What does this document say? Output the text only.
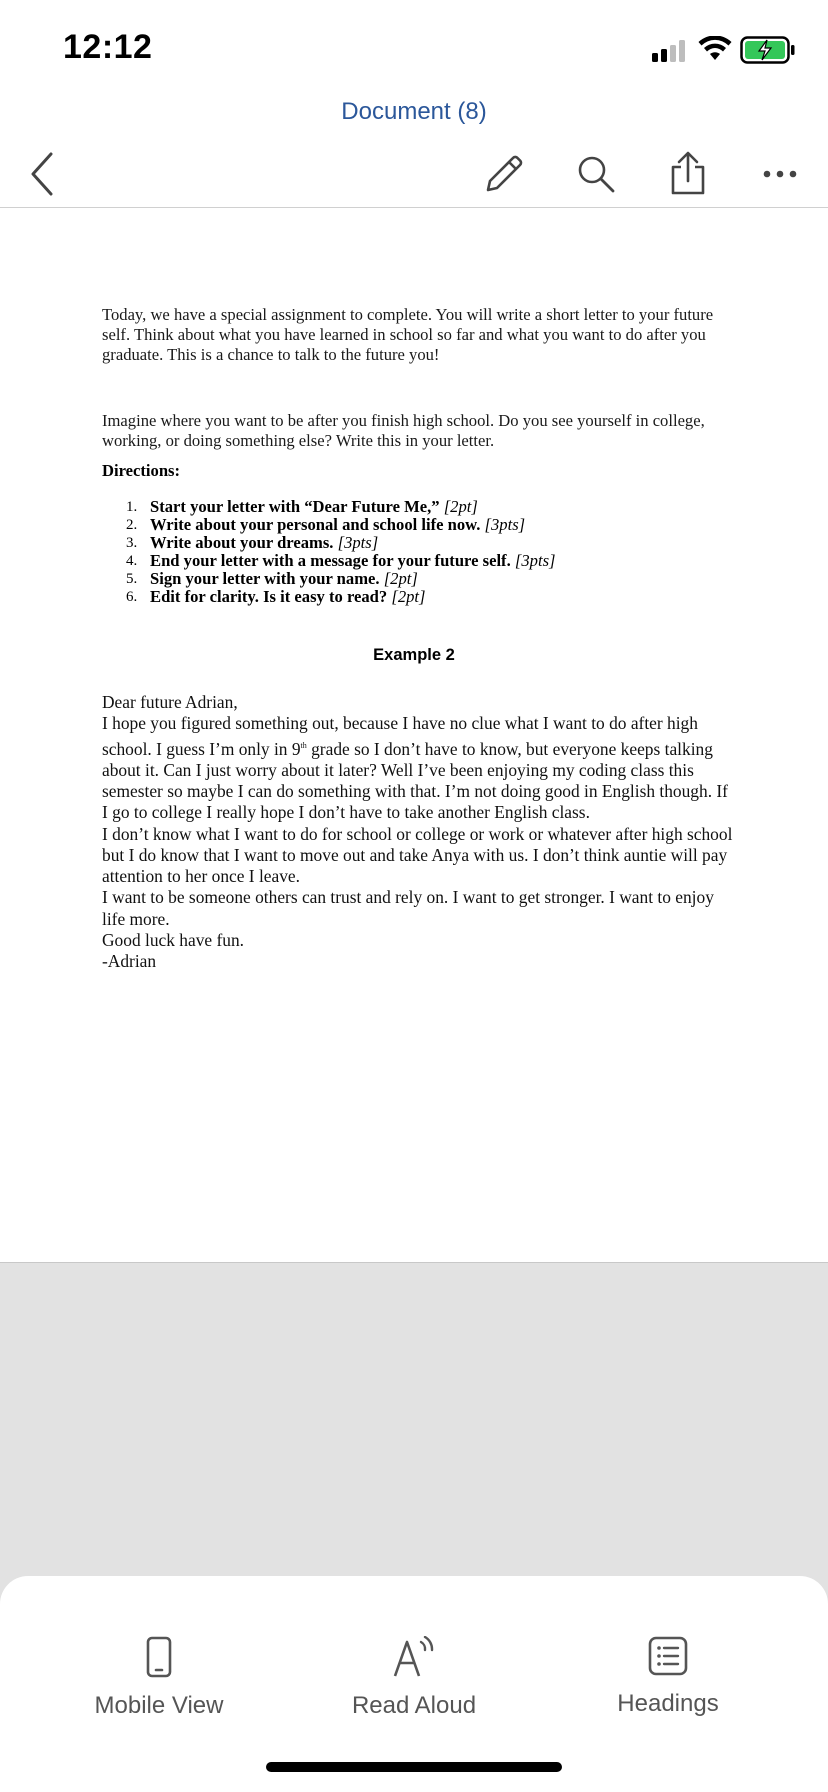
12:12
Document (8)

Today, we have a special assignment to complete. You will write a short letter to your future self. Think about what you have learned in school so far and what you want to do after you graduate. This is a chance to talk to the future you!

Imagine where you want to be after you finish high school. Do you see yourself in college, working, or doing something else? Write this in your letter.

Directions:

1. Start your letter with “Dear Future Me,” [2pt]
2. Write about your personal and school life now. [3pts]
3. Write about your dreams. [3pts]
4. End your letter with a message for your future self. [3pts]
5. Sign your letter with your name. [2pt]
6. Edit for clarity. Is it easy to read? [2pt]
Example 2
Dear future Adrian,
I hope you figured something out, because I have no clue what I want to do after high school. I guess I’m only in 9th grade so I don’t have to know, but everyone keeps talking about it. Can I just worry about it later? Well I’ve been enjoying my coding class this semester so maybe I can do something with that. I’m not doing good in English though. If I go to college I really hope I don’t have to take another English class.
I don’t know what I want to do for school or college or work or whatever after high school but I do know that I want to move out and take Anya with us. I don’t think auntie will pay attention to her once I leave.
I want to be someone others can trust and rely on. I want to get stronger. I want to enjoy life more.
Good luck have fun.
-Adrian
Mobile View	Read Aloud	Headings
